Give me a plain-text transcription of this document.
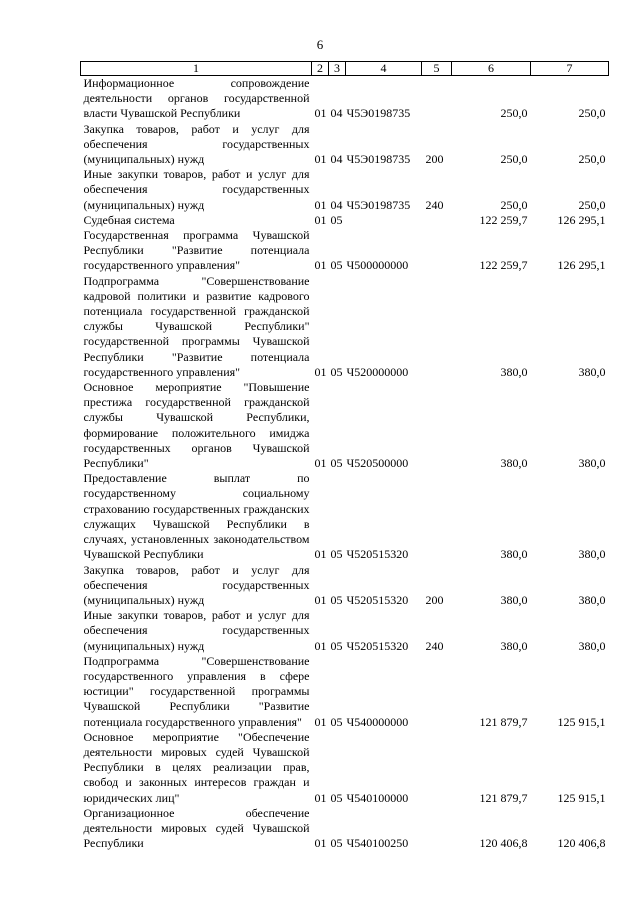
6
1	2	3	4	5	6	7
Информационное сопровождение деятельности органов государственной власти Чувашской Республики	01	04	Ч5Э0198735		250,0	250,0
Закупка товаров, работ и услуг для обеспечения государственных (муниципальных) нужд	01	04	Ч5Э0198735	200	250,0	250,0
Иные закупки товаров, работ и услуг для обеспечения государственных (муниципальных) нужд	01	04	Ч5Э0198735	240	250,0	250,0
Судебная система	01	05			122 259,7	126 295,1
Государственная программа Чувашской Республики "Развитие потенциала государственного управления"	01	05	Ч500000000		122 259,7	126 295,1
Подпрограмма "Совершенствование кадровой политики и развитие кадрового потенциала государственной гражданской службы Чувашской Республики" государственной программы Чувашской Республики "Развитие потенциала государственного управления"	01	05	Ч520000000		380,0	380,0
Основное мероприятие "Повышение престижа государственной гражданской службы Чувашской Республики, формирование положительного имиджа государственных органов Чувашской Республики"	01	05	Ч520500000		380,0	380,0
Предоставление выплат по государственному социальному страхованию государственных гражданских служащих Чувашской Республики в случаях, установленных законодательством Чувашской Республики	01	05	Ч520515320		380,0	380,0
Закупка товаров, работ и услуг для обеспечения государственных (муниципальных) нужд	01	05	Ч520515320	200	380,0	380,0
Иные закупки товаров, работ и услуг для обеспечения государственных (муниципальных) нужд	01	05	Ч520515320	240	380,0	380,0
Подпрограмма "Совершенствование государственного управления в сфере юстиции" государственной программы Чувашской Республики "Развитие потенциала государственного управления"	01	05	Ч540000000		121 879,7	125 915,1
Основное мероприятие "Обеспечение деятельности мировых судей Чувашской Республики в целях реализации прав, свобод и законных интересов граждан и юридических лиц"	01	05	Ч540100000		121 879,7	125 915,1
Организационное обеспечение деятельности мировых судей Чувашской Республики	01	05	Ч540100250		120 406,8	120 406,8
